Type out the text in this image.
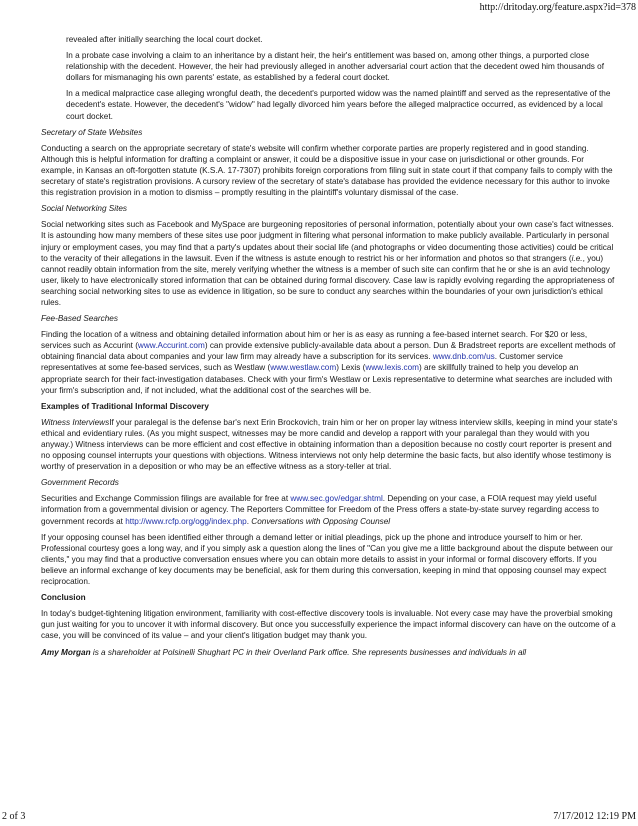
http://dritoday.org/feature.aspx?id=378

revealed after initially searching the local court docket.

In a probate case involving a claim to an inheritance by a distant heir, the heir's entitlement was based on, among other things, a purported close relationship with the decedent. However, the heir had previously alleged in another adversarial court action that the decedent owed him thousands of dollars for mismanaging his own parents' estate, as established by a federal court docket.

In a medical malpractice case alleging wrongful death, the decedent's purported widow was the named plaintiff and served as the representative of the decedent's estate. However, the decedent's "widow" had legally divorced him years before the alleged malpractice occurred, as evidenced by a local court docket.

Secretary of State Websites

Conducting a search on the appropriate secretary of state's website will confirm whether corporate parties are properly registered and in good standing. Although this is helpful information for drafting a complaint or answer, it could be a dispositive issue in your case on jurisdictional or other grounds. For example, in Kansas an oft-forgotten statute (K.S.A. 17-7307) prohibits foreign corporations from filing suit in state court if that company fails to comply with the secretary of state's registration provisions. A cursory review of the secretary of state's database has provided the evidence necessary for this author to invoke this registration provision in a motion to dismiss – promptly resulting in the plaintiff's voluntary dismissal of the case.

Social Networking Sites

Social networking sites such as Facebook and MySpace are burgeoning repositories of personal information, potentially about your own case's fact witnesses. It is astounding how many members of these sites use poor judgment in filtering what personal information to make publicly available. Particularly in personal injury or employment cases, you may find that a party's updates about their social life (and photographs or video documenting those activities) could be critical to the veracity of their allegations in the lawsuit. Even if the witness is astute enough to restrict his or her information and photos so that strangers (i.e., you) cannot readily obtain information from the site, merely verifying whether the witness is a member of such site can confirm that he or she is an avid technology user, likely to have electronically stored information that can be obtained during formal discovery. Case law is rapidly evolving regarding the appropriateness of searching social networking sites to use as evidence in litigation, so be sure to conduct any searches within the boundaries of your own jurisdiction's ethical rules.

Fee-Based Searches

Finding the location of a witness and obtaining detailed information about him or her is as easy as running a fee-based internet search. For $20 or less, services such as Accurint (www.Accurint.com) can provide extensive publicly-available data about a person. Dun & Bradstreet reports are excellent methods of obtaining financial data about companies and your law firm may already have a subscription for its services. www.dnb.com/us. Customer service representatives at some fee-based services, such as Westlaw (www.westlaw.com) Lexis (www.lexis.com) are skillfully trained to help you develop an appropriate search for their fact-investigation databases. Check with your firm's Westlaw or Lexis representative to determine what searches are included with your firm's subscription and, if not included, what the additional cost of the searches will be.

Examples of Traditional Informal Discovery

Witness InterviewsIf your paralegal is the defense bar's next Erin Brockovich, train him or her on proper lay witness interview skills, keeping in mind your state's ethical and evidentiary rules. (As you might suspect, witnesses may be more candid and develop a rapport with your paralegal than they would with you anyway.) Witness interviews can be more efficient and cost effective in obtaining information than a deposition because no costly court reporter is present and no opposing counsel interrupts your questions with objections. Witness interviews not only help determine the basic facts, but also identify whose testimony is worthy of preservation in a deposition or who may be an effective witness as a story-teller at trial.

Government Records

Securities and Exchange Commission filings are available for free at www.sec.gov/edgar.shtml. Depending on your case, a FOIA request may yield useful information from a governmental division or agency. The Reporters Committee for Freedom of the Press offers a state-by-state survey regarding access to government records at http://www.rcfp.org/ogg/index.php. Conversations with Opposing Counsel

If your opposing counsel has been identified either through a demand letter or initial pleadings, pick up the phone and introduce yourself to him or her. Professional courtesy goes a long way, and if you simply ask a question along the lines of "Can you give me a little background about the dispute between our clients," you may find that a productive conversation ensues where you can obtain more details to assist in your informal or formal discovery efforts. If you believe an informal exchange of key documents may be beneficial, ask for them during this conversation, keeping in mind that opposing counsel may expect reciprocation.

Conclusion

In today's budget-tightening litigation environment, familiarity with cost-effective discovery tools is invaluable. Not every case may have the proverbial smoking gun just waiting for you to uncover it with informal discovery. But once you successfully experience the impact informal discovery can have on the outcome of a case, you will be convinced of its value – and your client's litigation budget may thank you.

Amy Morgan is a shareholder at Polsinelli Shughart PC in their Overland Park office. She represents businesses and individuals in all

2 of 3	7/17/2012 12:19 PM
